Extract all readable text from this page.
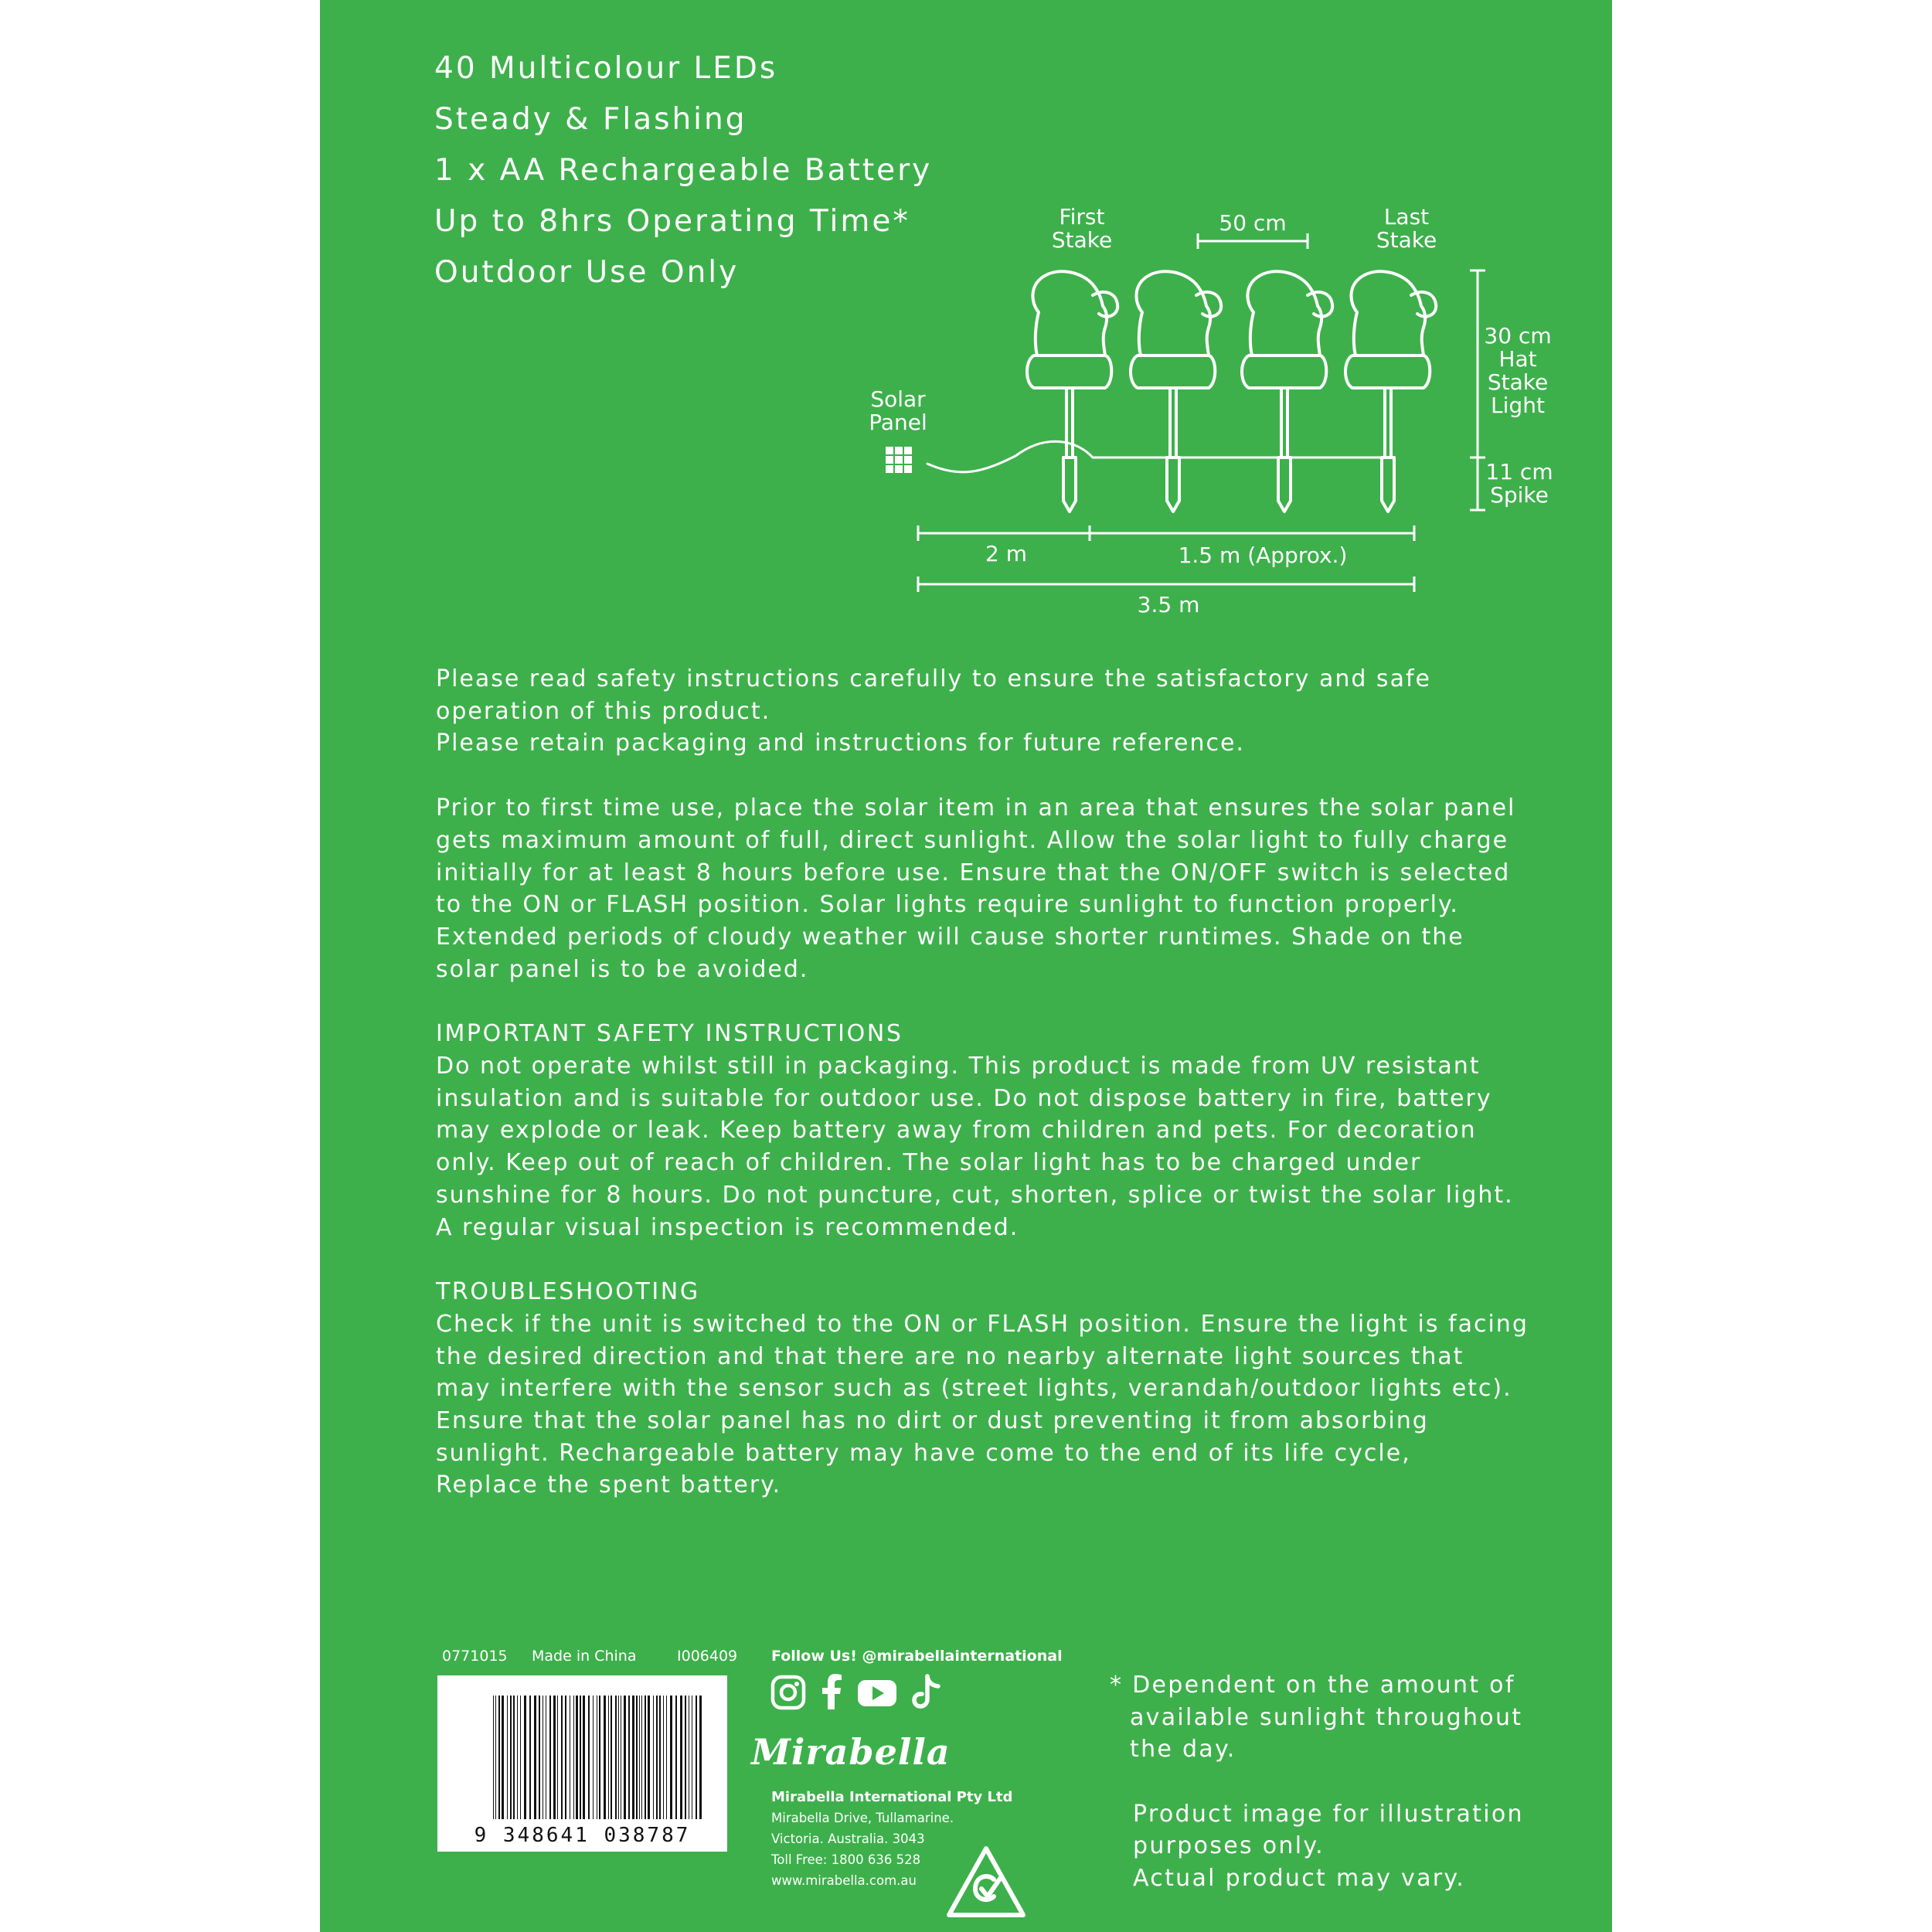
40 Multicolour LEDs
Steady & Flashing
1 x AA Rechargeable Battery
Up to 8hrs Operating Time*
Outdoor Use Only
Solar
Panel
First
Stake
Last
Stake
50 cm
30 cm
Hat
Stake
Light
11 cm
Spike
2 m	1.5 m (Approx.)
3.5 m

Please read safety instructions carefully to ensure the satisfactory and safe

operation of this product.

Please retain packaging and instructions for future reference.

Prior to first time use, place the solar item in an area that ensures the solar panel

gets maximum amount of full, direct sunlight. Allow the solar light to fully charge

initially for at least 8 hours before use. Ensure that the ON/OFF switch is selected

to the ON or FLASH position. Solar lights require sunlight to function properly.

Extended periods of cloudy weather will cause shorter runtimes. Shade on the

solar panel is to be avoided.

IMPORTANT SAFETY INSTRUCTIONS

Do not operate whilst still in packaging. This product is made from UV resistant

insulation and is suitable for outdoor use. Do not dispose battery in fire, battery

may explode or leak. Keep battery away from children and pets. For decoration

only. Keep out of reach of children. The solar light has to be charged under

sunshine for 8 hours. Do not puncture, cut, shorten, splice or twist the solar light.

A regular visual inspection is recommended.

TROUBLESHOOTING

Check if the unit is switched to the ON or FLASH position. Ensure the light is facing

the desired direction and that there are no nearby alternate light sources that

may interfere with the sensor such as (street lights, verandah/outdoor lights etc).

Ensure that the solar panel has no dirt or dust preventing it from absorbing

sunlight. Rechargeable battery may have come to the end of its life cycle,

Replace the spent battery.

0771015 Made in China	I006409
9 348641 038787
Follow Us! @mirabellainternational

Mirabella
Mirabella International Pty Ltd
Mirabella Drive, Tullamarine.
Victoria. Australia. 3043
Toll Free: 1800 636 528
www.mirabella.com.au

* Dependent on the amount of

available sunlight throughout

the day.

Product image for illustration

purposes only.

Actual product may vary.
